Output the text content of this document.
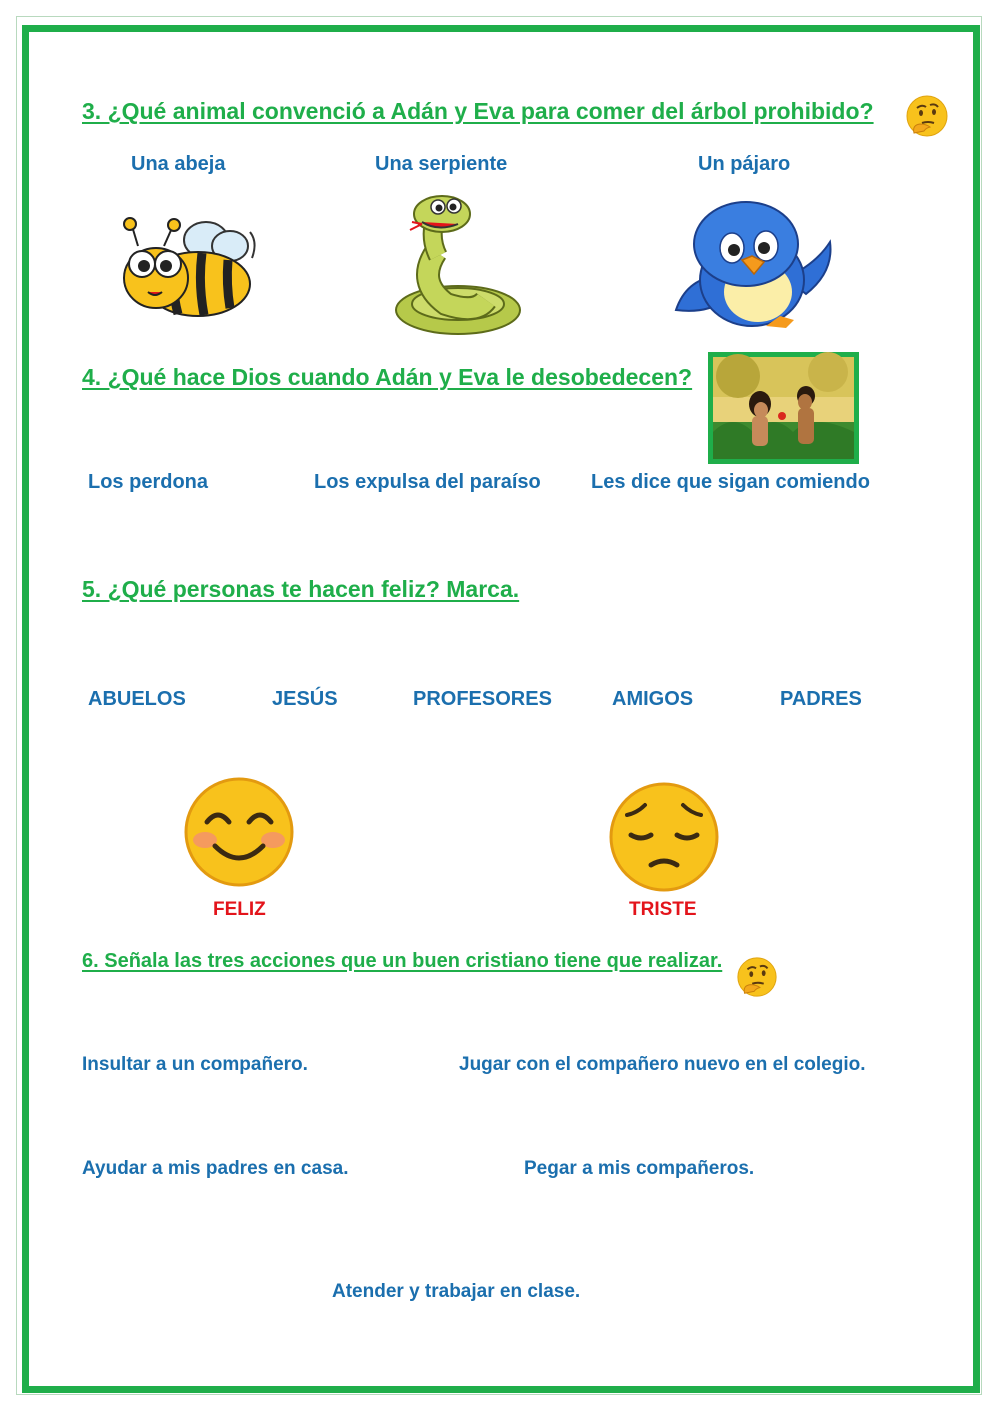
3. ¿Qué animal convenció a Adán y Eva para comer del árbol prohibido?
Una abeja	Una serpiente	Un pájaro
4. ¿Qué hace Dios cuando Adán y Eva le desobedecen?
Los perdona	Los expulsa del paraíso	Les dice que sigan comiendo
5. ¿Qué personas te hacen feliz? Marca.
ABUELOS	JESÚS	PROFESORES	AMIGOS	PADRES
FELIZ	TRISTE
6. Señala las tres acciones que un buen cristiano tiene que realizar.
Insultar a un compañero.	Jugar con el compañero nuevo en el colegio.
Ayudar a mis padres en casa.	Pegar a mis compañeros.
Atender y trabajar en clase.
